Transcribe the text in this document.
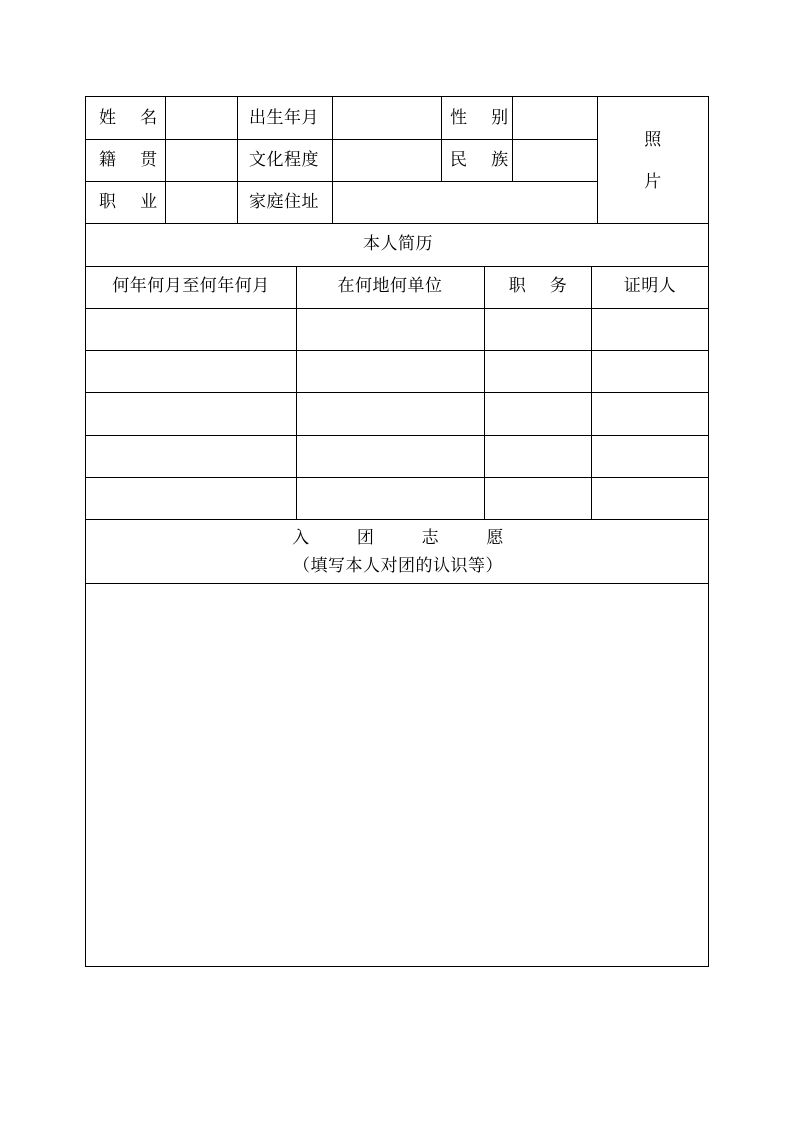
姓    名	出生年月	性    别
籍    贯	文化程度	民    族
职    业	家庭住址
照
片
本人简历
何年何月至何年何月	在何地何单位	职    务	证明人
入        团        志        愿
（填写本人对团的认识等）
